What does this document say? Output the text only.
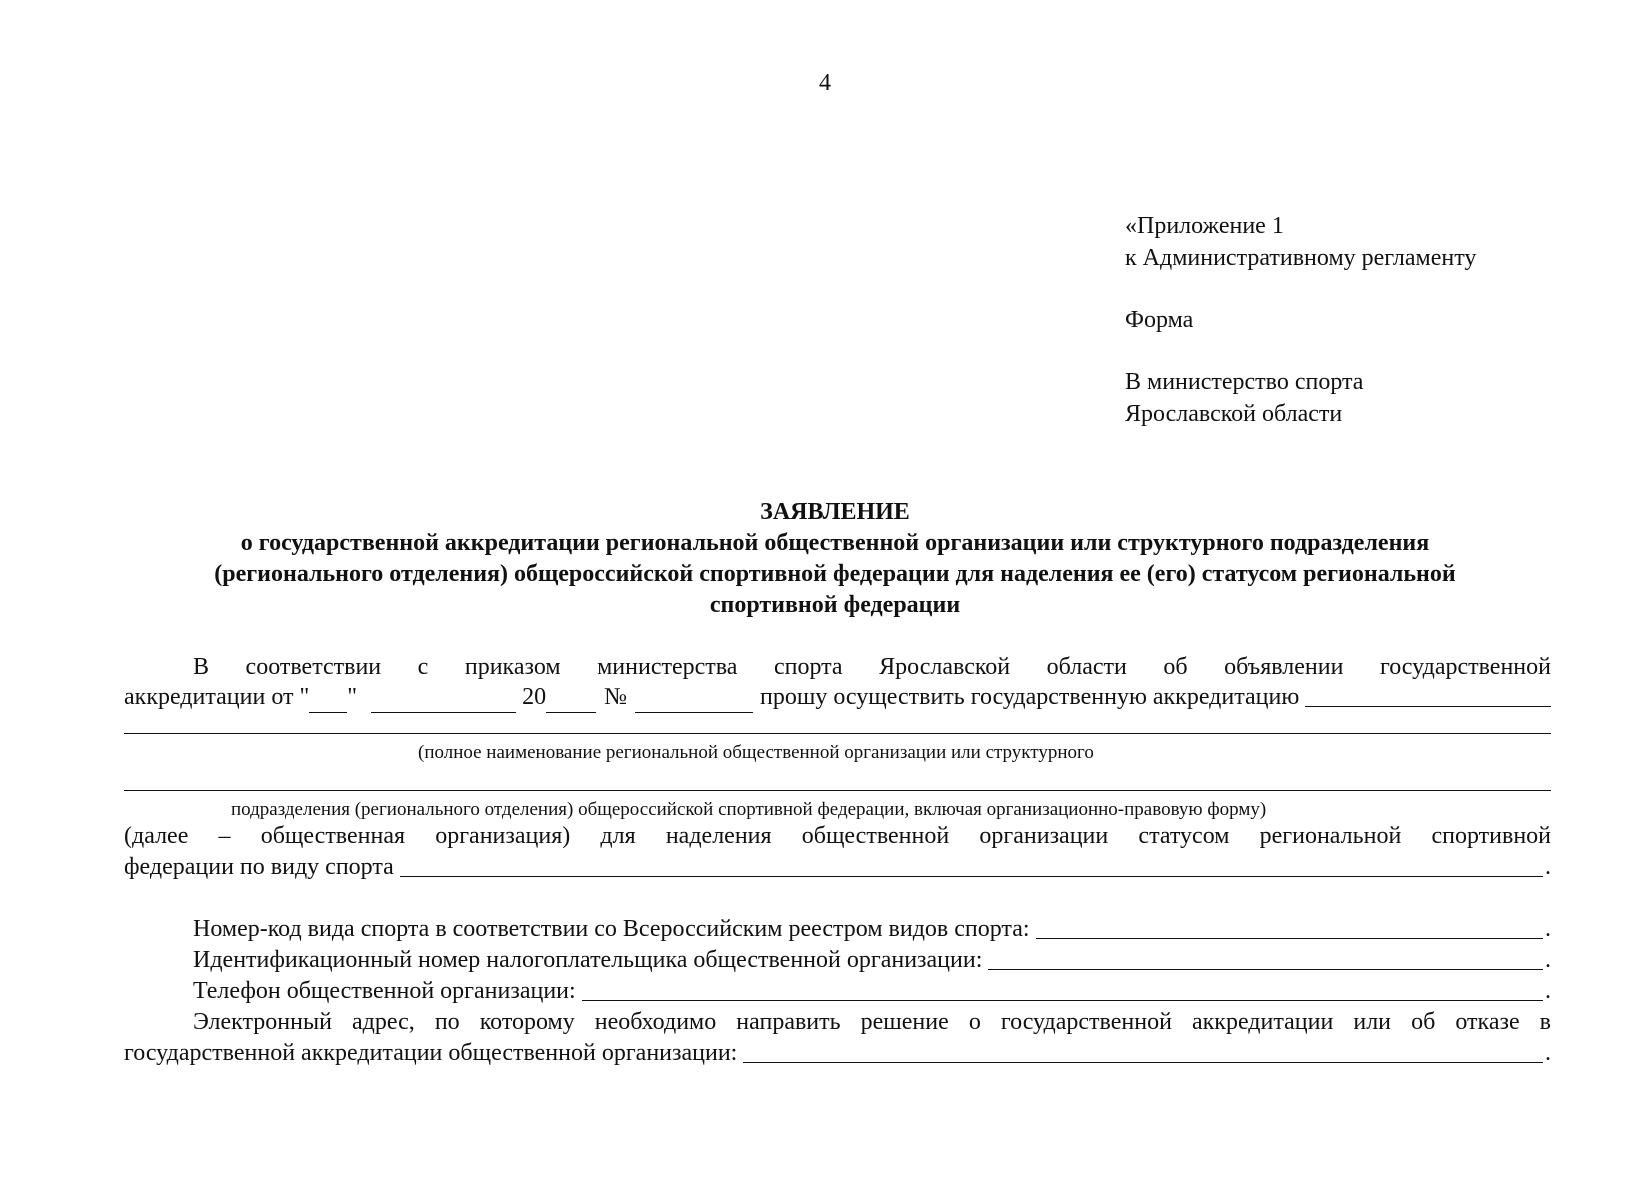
4
«Приложение 1
к Административному регламенту
Форма
В министерство спорта
Ярославской области
ЗАЯВЛЕНИЕ
о государственной аккредитации региональной общественной организации или структурного подразделения
(регионального отделения) общероссийской спортивной федерации для наделения ее (его) статусом региональной
спортивной федерации
В соответствии с приказом министерства спорта Ярославской области об объявлении государственной
аккредитации от " "	20 №	прошу осуществить государственную аккредитацию
(полное наименование региональной общественной организации или структурного
подразделения (регионального отделения) общероссийской спортивной федерации, включая организационно-правовую форму)
(далее – общественная организация) для наделения общественной организации статусом региональной спортивной
федерации по виду спорта	.
Номер-код вида спорта в соответствии со Всероссийским реестром видов спорта:	.
Идентификационный номер налогоплательщика общественной организации:	.
Телефон общественной организации:	.
Электронный адрес, по которому необходимо направить решение о государственной аккредитации или об отказе в
государственной аккредитации общественной организации:	.
